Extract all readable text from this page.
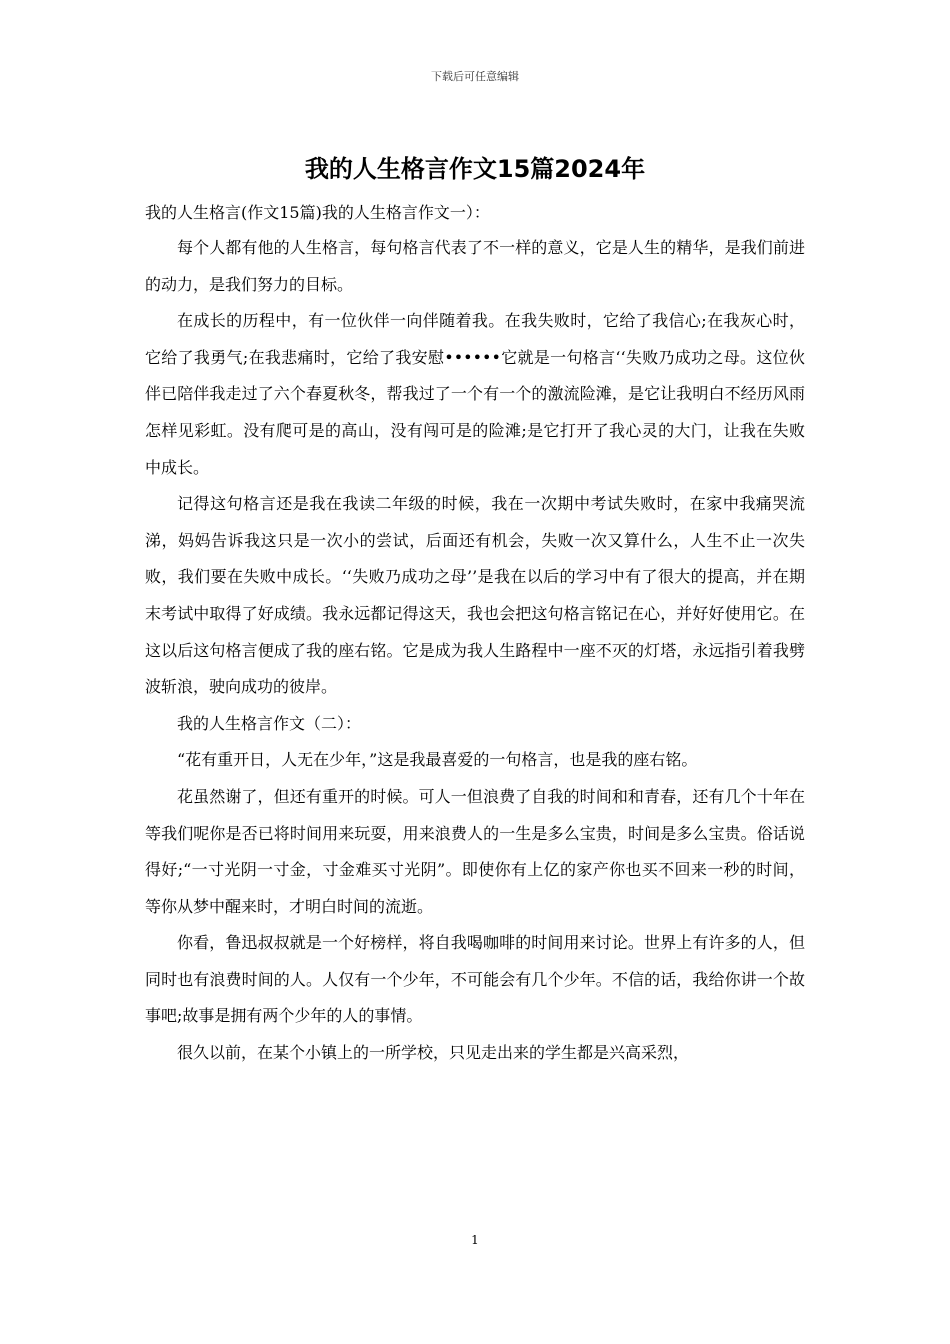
下载后可任意编辑
我的人生格言作文15篇2024年

我的人生格言(作文15篇)我的人生格言作文一）：

每个人都有他的人生格言，每句格言代表了不一样的意义，它是人生的精华，是我们前进的动力，是我们努力的目标。

在成长的历程中，有一位伙伴一向伴随着我。在我失败时，它给了我信心;在我灰心时，它给了我勇气;在我悲痛时，它给了我安慰••••••它就是一句格言‘‘失败乃成功之母。这位伙伴已陪伴我走过了六个春夏秋冬，帮我过了一个有一个的激流险滩，是它让我明白不经历风雨怎样见彩虹。没有爬可是的高山，没有闯可是的险滩;是它打开了我心灵的大门，让我在失败中成长。

记得这句格言还是我在我读二年级的时候，我在一次期中考试失败时，在家中我痛哭流涕，妈妈告诉我这只是一次小的尝试，后面还有机会，失败一次又算什么，人生不止一次失败，我们要在失败中成长。‘‘失败乃成功之母’’是我在以后的学习中有了很大的提高，并在期末考试中取得了好成绩。我永远都记得这天，我也会把这句格言铭记在心，并好好使用它。在这以后这句格言便成了我的座右铭。它是成为我人生路程中一座不灭的灯塔，永远指引着我劈波斩浪，驶向成功的彼岸。

我的人生格言作文（二）：

“花有重开日，人无在少年，”这是我最喜爱的一句格言，也是我的座右铭。

花虽然谢了，但还有重开的时候。可人一但浪费了自我的时间和和青春，还有几个十年在等我们呢你是否已将时间用来玩耍，用来浪费人的一生是多么宝贵，时间是多么宝贵。俗话说得好;“一寸光阴一寸金，寸金难买寸光阴”。即使你有上亿的家产你也买不回来一秒的时间，等你从梦中醒来时，才明白时间的流逝。

你看，鲁迅叔叔就是一个好榜样，将自我喝咖啡的时间用来讨论。世界上有许多的人，但同时也有浪费时间的人。人仅有一个少年，不可能会有几个少年。不信的话，我给你讲一个故事吧;故事是拥有两个少年的人的事情。

很久以前，在某个小镇上的一所学校，只见走出来的学生都是兴高采烈，

1
